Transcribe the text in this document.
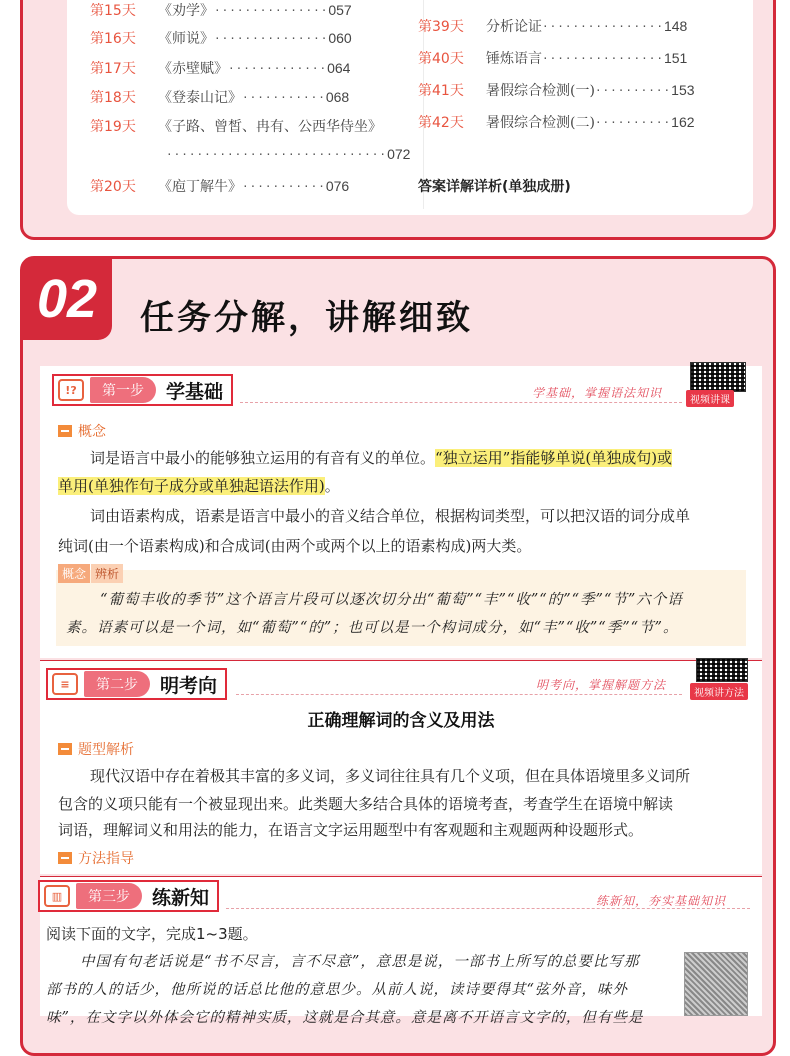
第15天	《劝学》 ··············· 057
第16天	《师说》 ··············· 060
第17天	《赤壁赋》 ············· 064
第18天	《登泰山记》 ··········· 068
第19天	《子路、曾皙、冉有、公西华侍坐》
····························· 072
第20天	《庖丁解牛》 ··········· 076
第39天	分析论证 ················ 148
第40天	锤炼语言 ················ 151
第41天	暑假综合检测(一) ·········· 153
第42天	暑假综合检测(二) ·········· 162
答案详解详析(单独成册)
02	任务分解，讲解细致
!?	第一步	学基础	学基础，掌握语法知识
视频讲课
概念
词是语言中最小的能够独立运用的有音有义的单位。“独立运用”指能够单说(单独成句)或
单用(单独作句子成分或单独起语法作用)。
词由语素构成，语素是语言中最小的音义结合单位，根据构词类型，可以把汉语的词分成单
纯词(由一个语素构成)和合成词(由两个或两个以上的语素构成)两大类。
概念 辨析
“葡萄丰收的季节”这个语言片段可以逐次切分出“葡萄”“丰”“收”“的”“季”“节”六个语
素。语素可以是一个词，如“葡萄”“的”；也可以是一个构词成分，如“丰”“收”“季”“节”。
≡	第二步	明考向	明考向，掌握解题方法
视频讲方法
正确理解词的含义及用法
题型解析
现代汉语中存在着极其丰富的多义词，多义词往往具有几个义项，但在具体语境里多义词所
包含的义项只能有一个被显现出来。此类题大多结合具体的语境考查，考查学生在语境中解读
词语，理解词义和用法的能力，在语言文字运用题型中有客观题和主观题两种设题形式。
方法指导
▥	第三步	练新知	练新知，夯实基础知识
阅读下面的文字，完成1~3题。
中国有句老话说是“书不尽言，言不尽意”，意思是说，一部书上所写的总要比写那
部书的人的话少，他所说的话总比他的意思少。从前人说，读诗要得其“弦外音，味外
味”，在文字以外体会它的精神实质，这就是合其意。意是离不开语言文字的，但有些是
